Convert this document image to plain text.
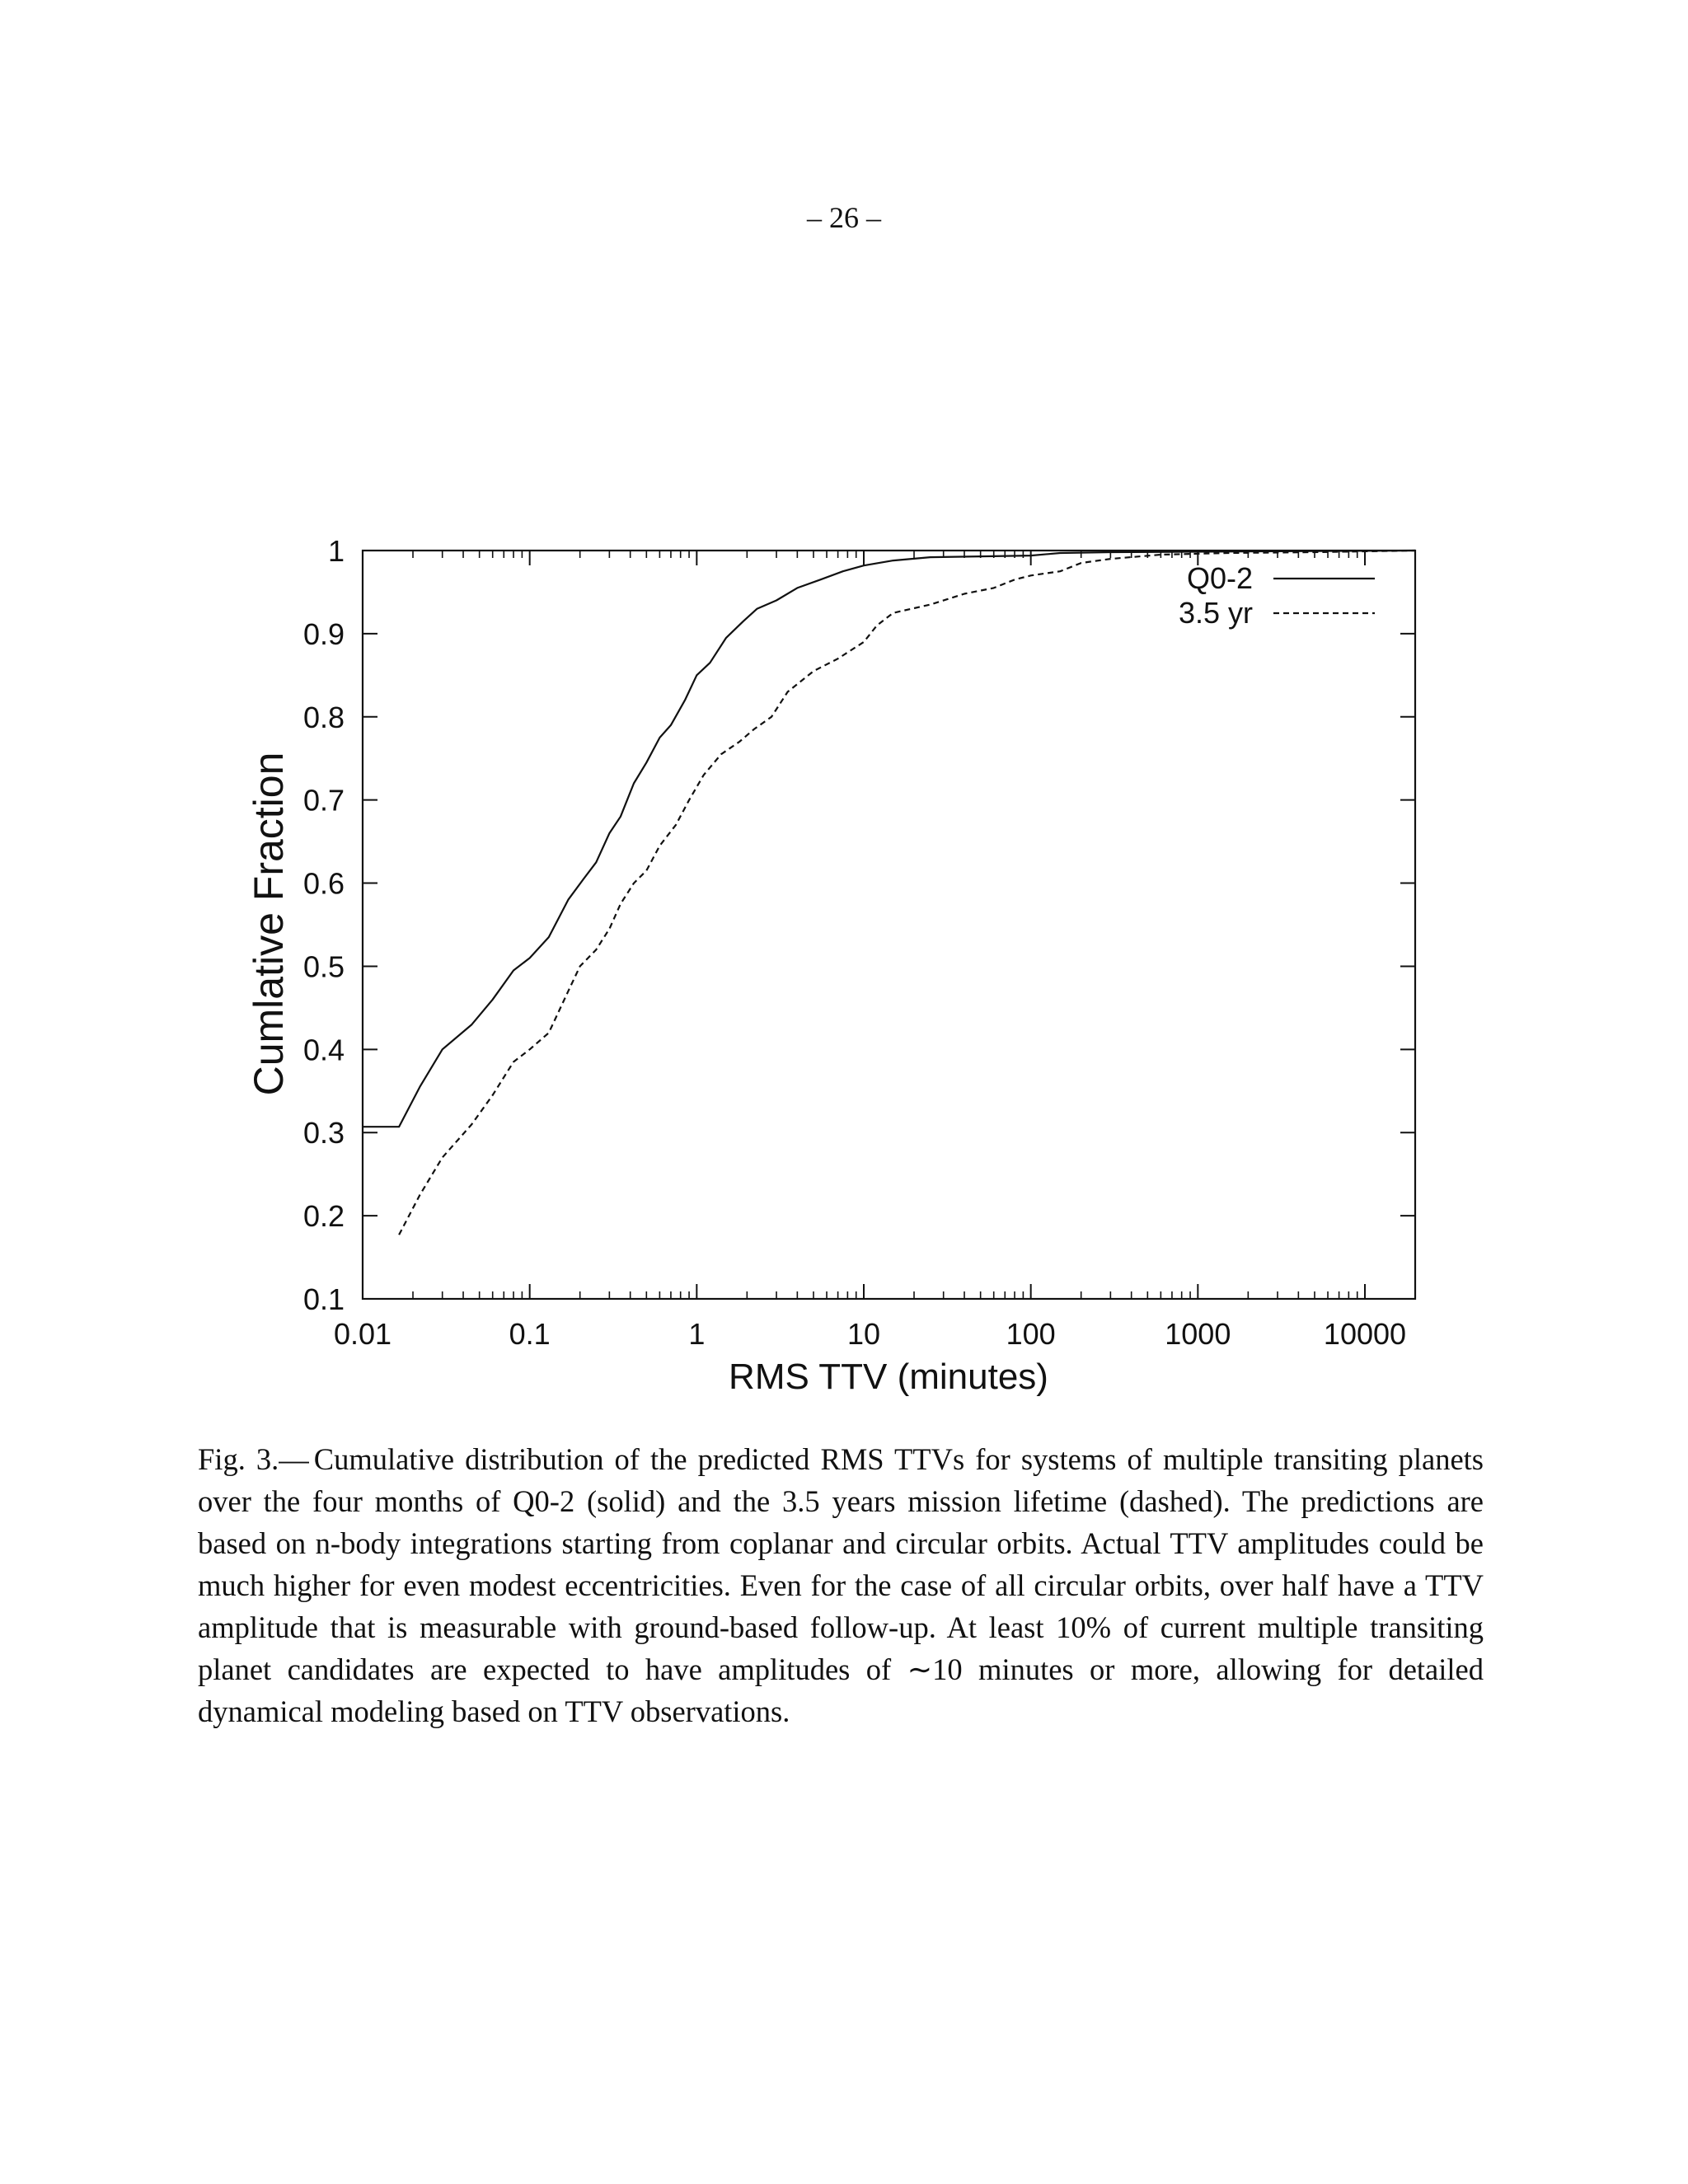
– 26 –
0.1
0.2
0.3
0.4
0.5
0.6
0.7
0.8
0.9
1
0.01	0.1	1	10	100	1000	10000
Q0-2
3.5 yr
RMS TTV (minutes)
Cumlative Fraction
Fig. 3.— Cumulative distribution of the predicted RMS TTVs for systems of multiple transiting planets over the four months of Q0-2 (solid) and the 3.5 years mission lifetime (dashed). The predictions are based on n-body integrations starting from coplanar and circular orbits. Actual TTV amplitudes could be much higher for even modest eccentricities. Even for the case of all circular orbits, over half have a TTV amplitude that is measurable with ground-based follow-up. At least 10% of current multiple transiting planet candidates are expected to have amplitudes of ∼10 minutes or more, allowing for detailed dynamical modeling based on TTV observations.
